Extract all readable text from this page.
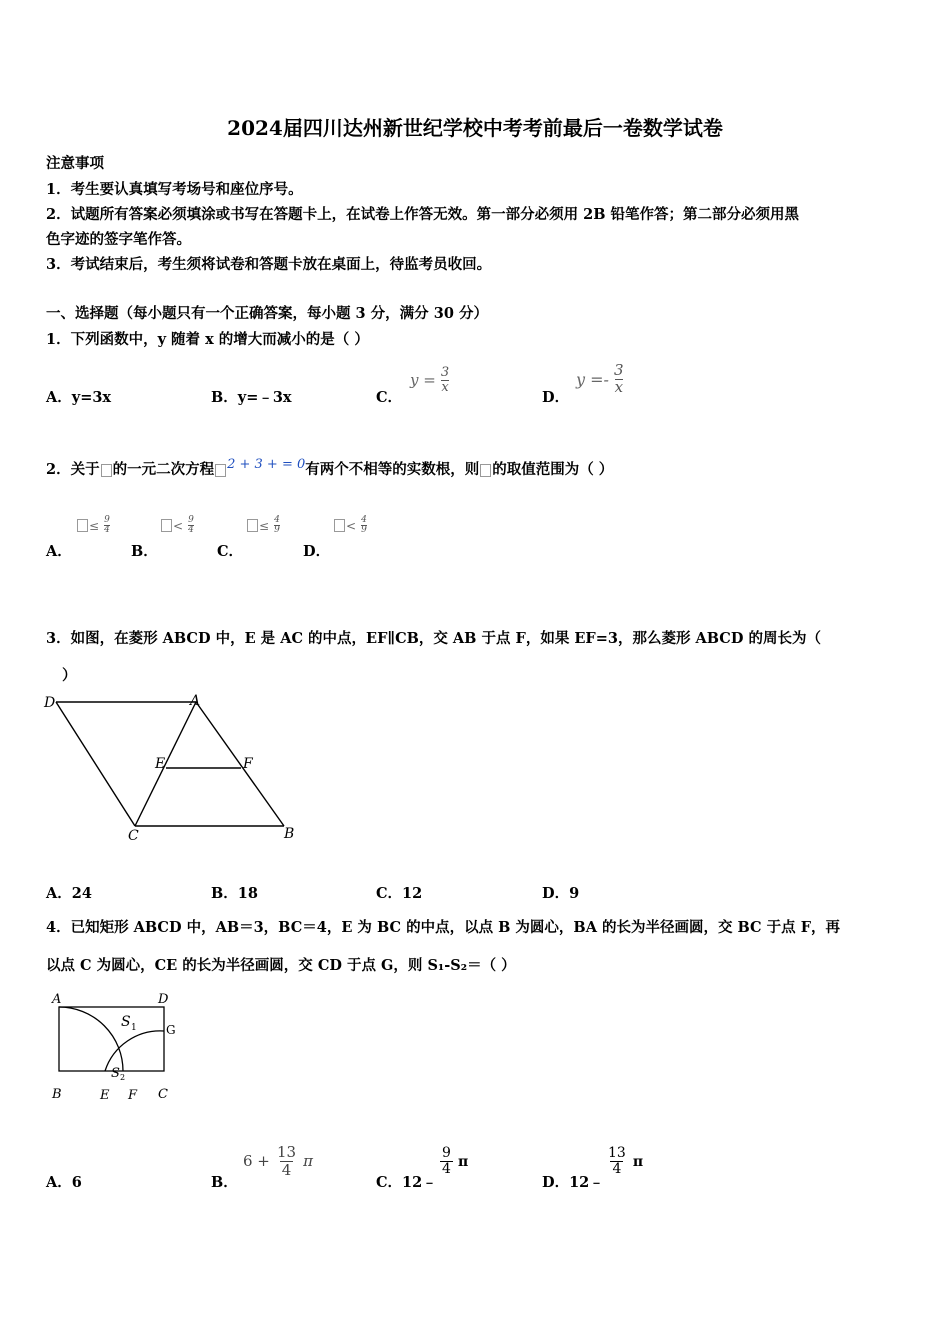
2024届四川达州新世纪学校中考考前最后一卷数学试卷
注意事项
1．考生要认真填写考场号和座位序号。
2．试题所有答案必须填涂或书写在答题卡上，在试卷上作答无效。第一部分必须用 2B 铅笔作答；第二部分必须用黑
色字迹的签字笔作答。
3．考试结束后，考生须将试卷和答题卡放在桌面上，待监考员收回。
一、选择题（每小题只有一个正确答案，每小题 3 分，满分 30 分）
1．下列函数中，y 随着 x 的增大而减小的是（ ）
A．y=3x	B．y=﹣3x	C．
$y = \frac{3}{x}$
D．
$y =- \frac{3}{x}$
2．关于 的一元二次方程 2 + 3 + = 0有两个不相等的实数根，则 的取值范围为（ ）
A．
≤ $\frac{9}{4}$
B．
< $\frac{9}{4}$
C．
≤ $\frac{4}{9}$
D．
< $\frac{4}{9}$
3．如图，在菱形 ABCD 中，E 是 AC 的中点，EF∥CB，交 AB 于点 F，如果 EF=3，那么菱形 ABCD 的周长为（
）
D	A
E	F
C	B
A．24	B．18	C．12	D．9
4．已知矩形 ABCD 中，AB＝3，BC＝4，E 为 BC 的中点，以点 B 为圆心，BA 的长为半径画圆，交 BC 于点 F，再
以点 C 为圆心，CE 的长为半径画圆，交 CD 于点 G，则 S₁-S₂＝（ ）
A	D
G
B	E F C
S 1
S 2
A．6	B．
$6 + \frac{13}{4}$ π
C．12﹣
$\frac{9}{4}$ π
D．12﹣
$\frac{13}{4}$ π
